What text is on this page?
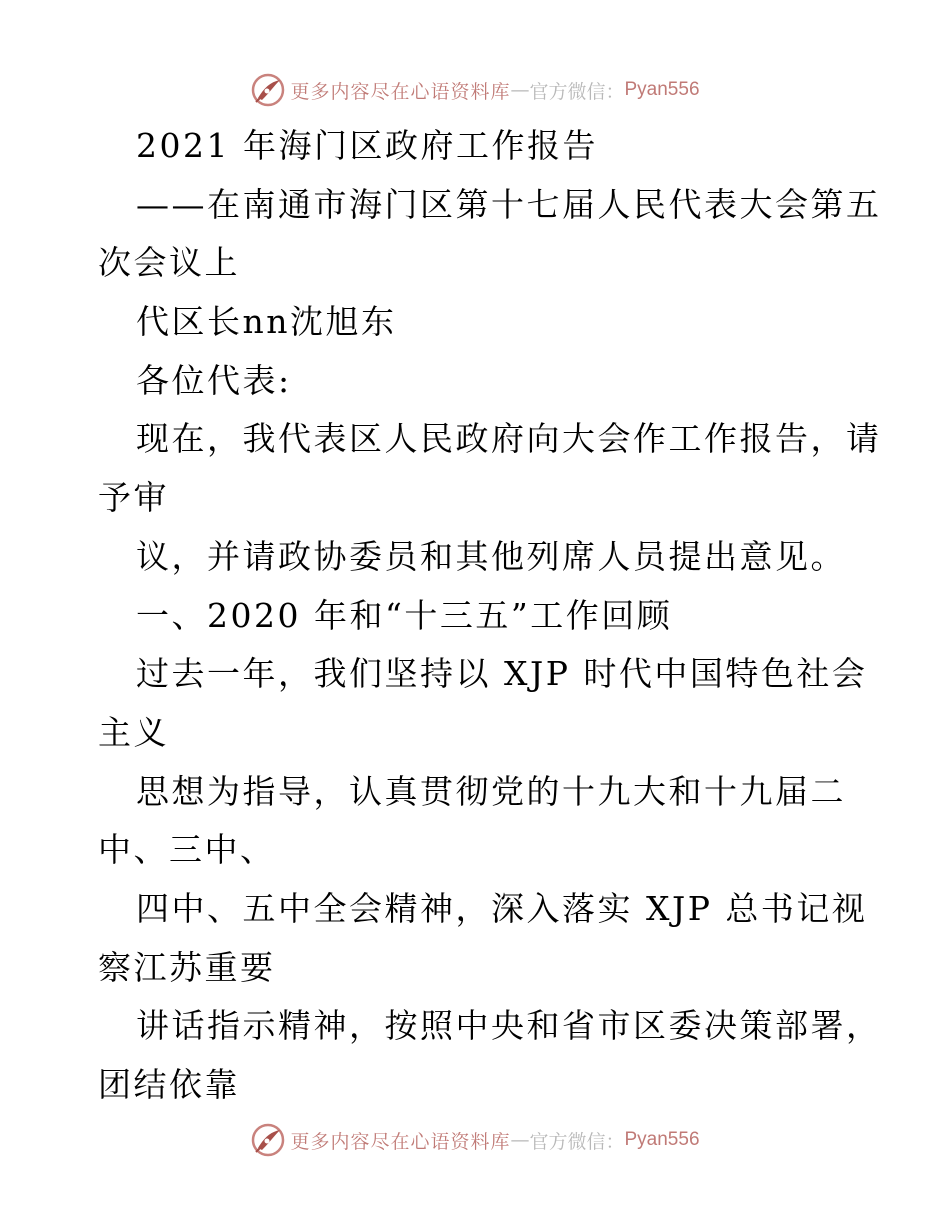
更多内容尽在心语资料库 — 官方微信： Pyan556
2021 年海门区政府工作报告
——在南通市海门区第十七届人民代表大会第五
次会议上
代区长nn沈旭东
各位代表:
现在，我代表区人民政府向大会作工作报告，请
予审
议，并请政协委员和其他列席人员提出意见。
一、2020 年和“十三五”工作回顾
过去一年，我们坚持以 XJP 时代中国特色社会
主义
思想为指导，认真贯彻党的十九大和十九届二
中、三中、
四中、五中全会精神，深入落实 XJP 总书记视
察江苏重要
讲话指示精神，按照中央和省市区委决策部署，
团结依靠
更多内容尽在心语资料库 — 官方微信： Pyan556
